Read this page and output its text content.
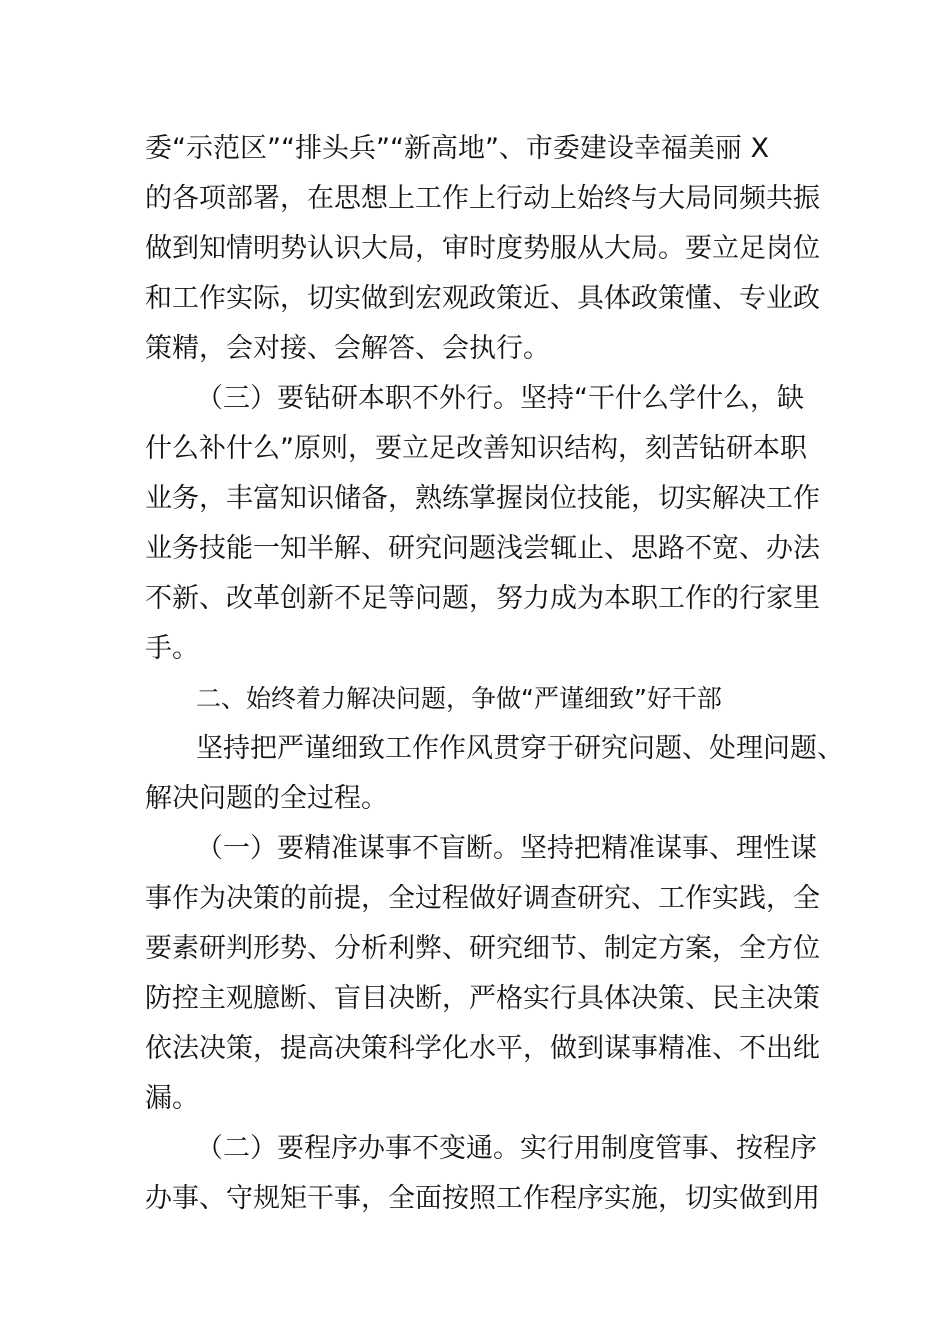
委“示范区”“排头兵”“新高地”、市委建设幸福美丽 X
的各项部署，在思想上工作上行动上始终与大局同频共振
做到知情明势认识大局，审时度势服从大局。要立足岗位
和工作实际，切实做到宏观政策近、具体政策懂、专业政
策精，会对接、会解答、会执行。
（三）要钻研本职不外行。坚持“干什么学什么，缺
什么补什么”原则，要立足改善知识结构，刻苦钻研本职
业务，丰富知识储备，熟练掌握岗位技能，切实解决工作
业务技能一知半解、研究问题浅尝辄止、思路不宽、办法
不新、改革创新不足等问题，努力成为本职工作的行家里
手。
二、始终着力解决问题，争做“严谨细致”好干部
坚持把严谨细致工作作风贯穿于研究问题、处理问题、
解决问题的全过程。
（一）要精准谋事不盲断。坚持把精准谋事、理性谋
事作为决策的前提，全过程做好调查研究、工作实践，全
要素研判形势、分析利弊、研究细节、制定方案，全方位
防控主观臆断、盲目决断，严格实行具体决策、民主决策
依法决策，提高决策科学化水平，做到谋事精准、不出纰
漏。
（二）要程序办事不变通。实行用制度管事、按程序
办事、守规矩干事，全面按照工作程序实施，切实做到用
